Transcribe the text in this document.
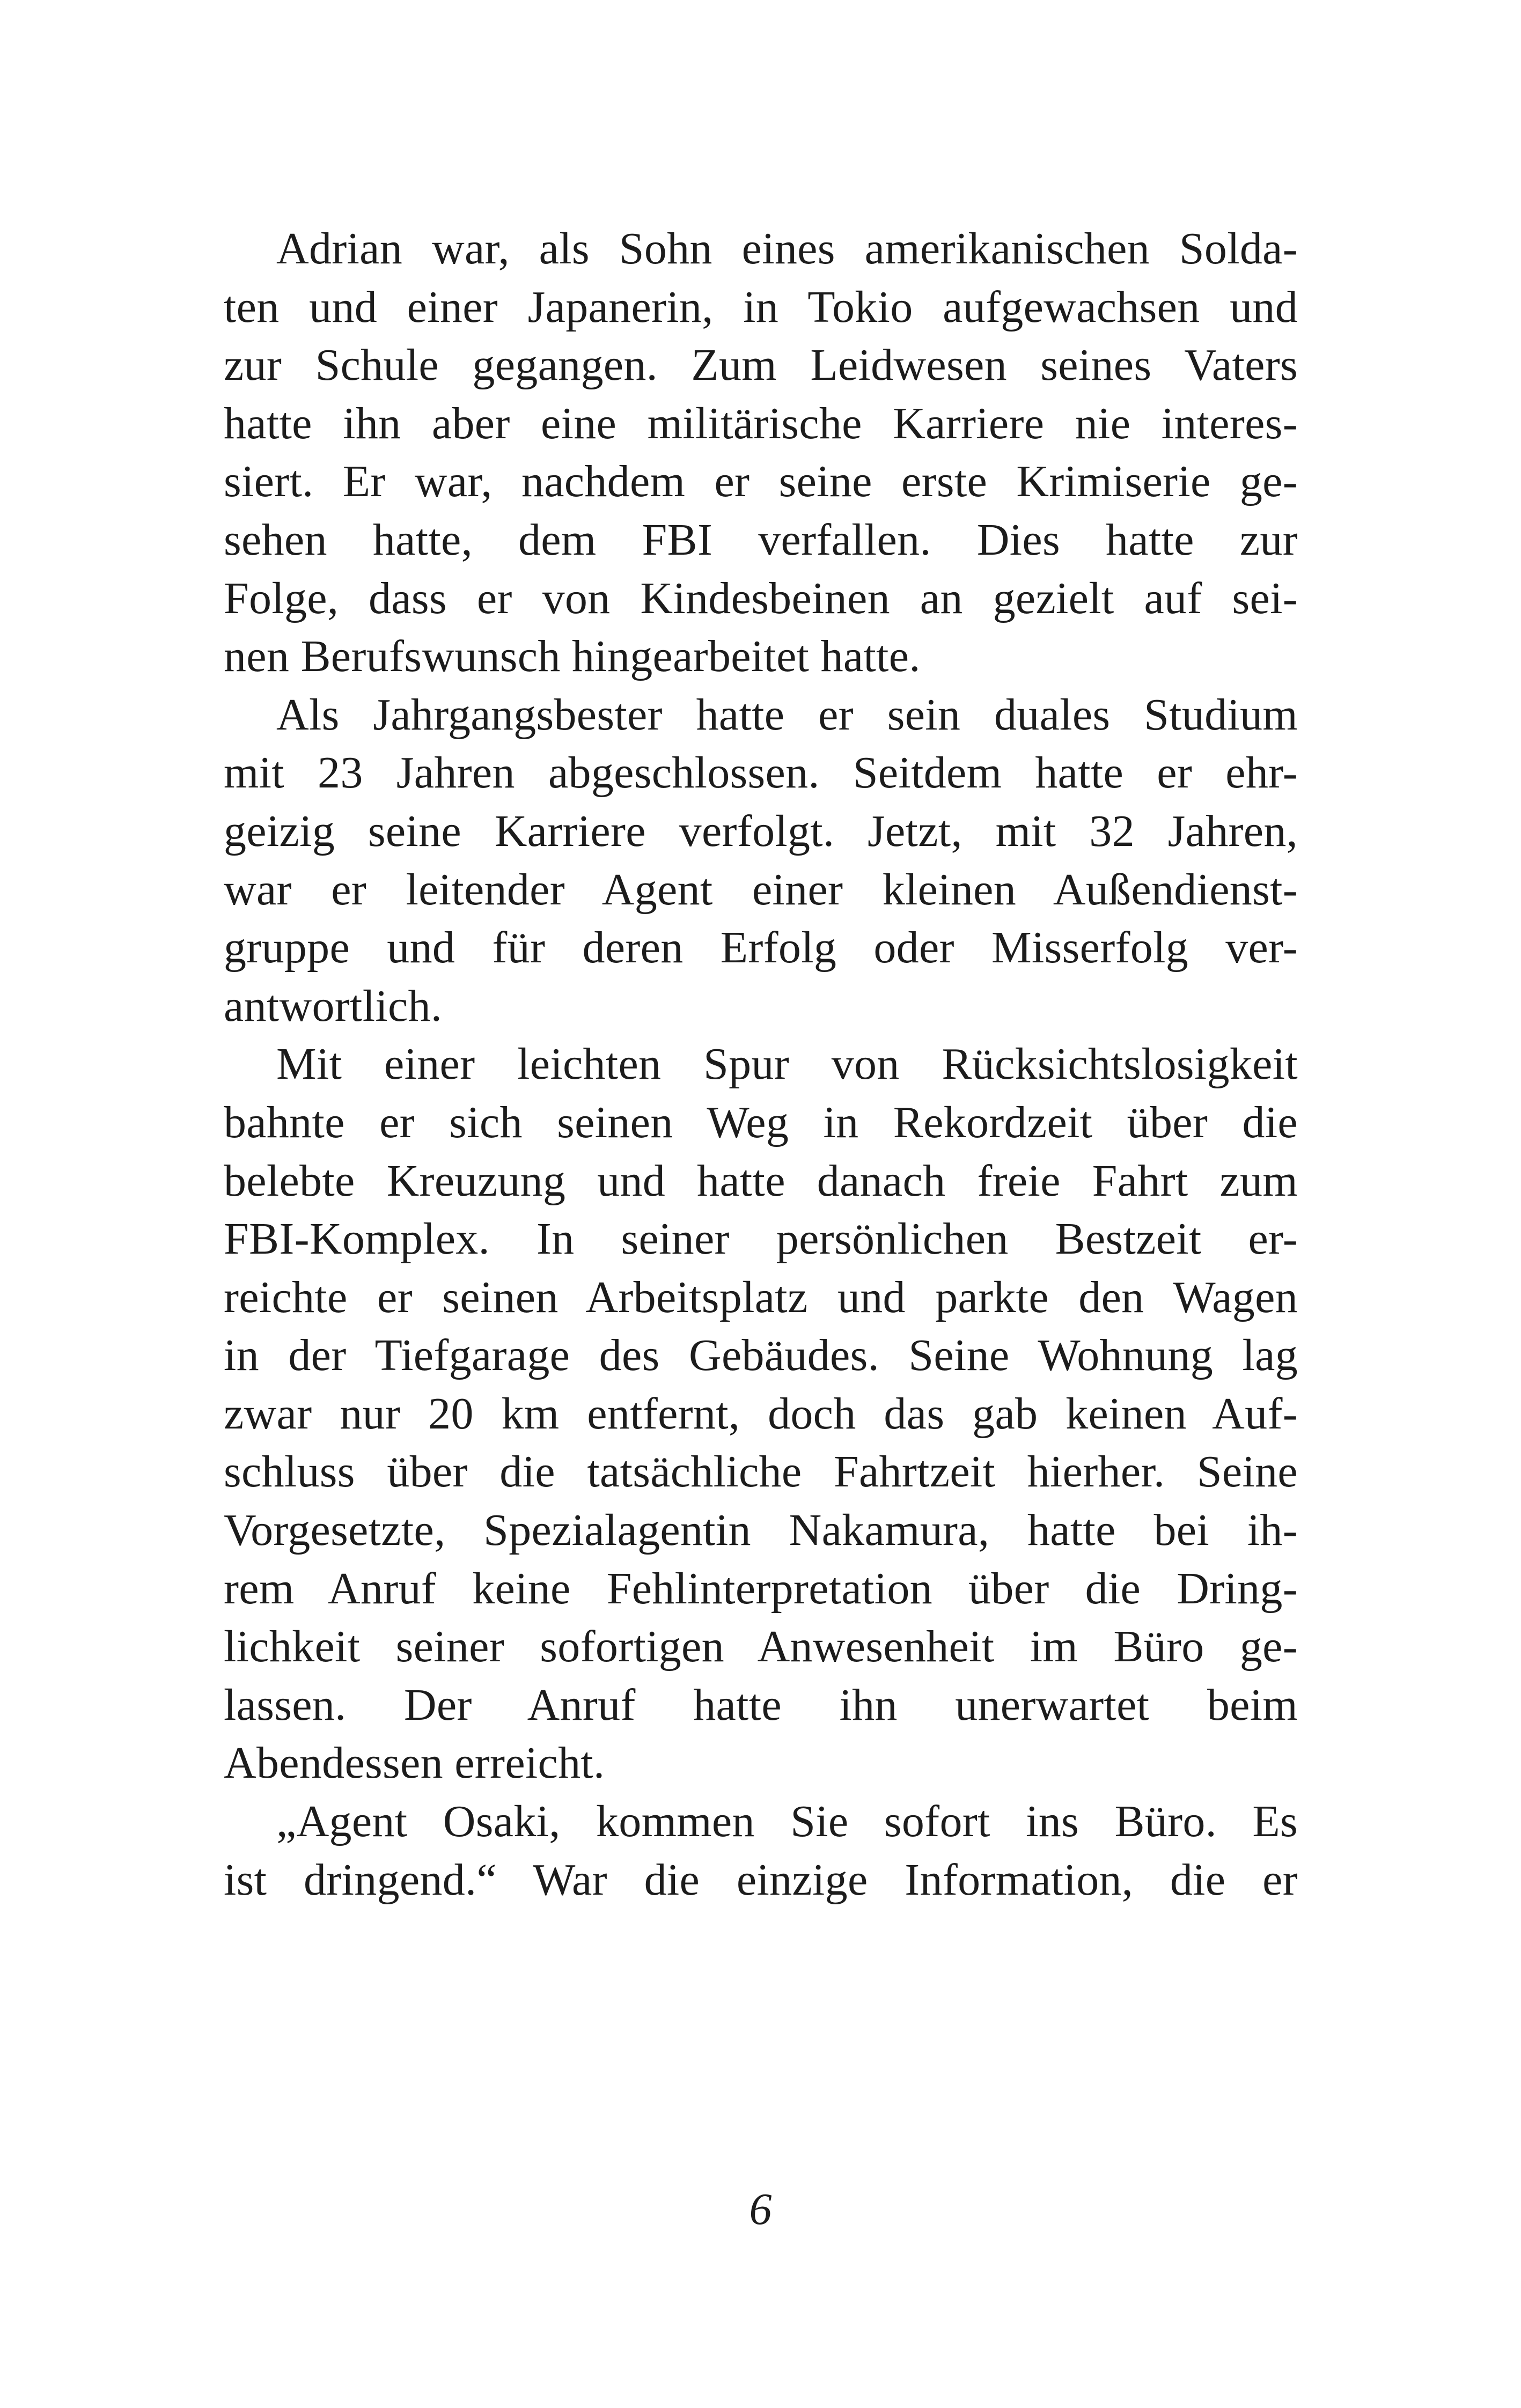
Adrian war, als Sohn eines amerikanischen Solda-
ten und einer Japanerin, in Tokio aufgewachsen und
zur Schule gegangen. Zum Leidwesen seines Vaters
hatte ihn aber eine militärische Karriere nie interes-
siert. Er war, nachdem er seine erste Krimiserie ge-
sehen hatte, dem FBI verfallen. Dies hatte zur
Folge, dass er von Kindesbeinen an gezielt auf sei-
nen Berufswunsch hingearbeitet hatte.
Als Jahrgangsbester hatte er sein duales Studium
mit 23 Jahren abgeschlossen. Seitdem hatte er ehr-
geizig seine Karriere verfolgt. Jetzt, mit 32 Jahren,
war er leitender Agent einer kleinen Außendienst-
gruppe und für deren Erfolg oder Misserfolg ver-
antwortlich.
Mit einer leichten Spur von Rücksichtslosigkeit
bahnte er sich seinen Weg in Rekordzeit über die
belebte Kreuzung und hatte danach freie Fahrt zum
FBI-Komplex. In seiner persönlichen Bestzeit er-
reichte er seinen Arbeitsplatz und parkte den Wagen
in der Tiefgarage des Gebäudes. Seine Wohnung lag
zwar nur 20 km entfernt, doch das gab keinen Auf-
schluss über die tatsächliche Fahrtzeit hierher. Seine
Vorgesetzte, Spezialagentin Nakamura, hatte bei ih-
rem Anruf keine Fehlinterpretation über die Dring-
lichkeit seiner sofortigen Anwesenheit im Büro ge-
lassen. Der Anruf hatte ihn unerwartet beim
Abendessen erreicht.
„Agent Osaki, kommen Sie sofort ins Büro. Es
ist dringend.“ War die einzige Information, die er
6
